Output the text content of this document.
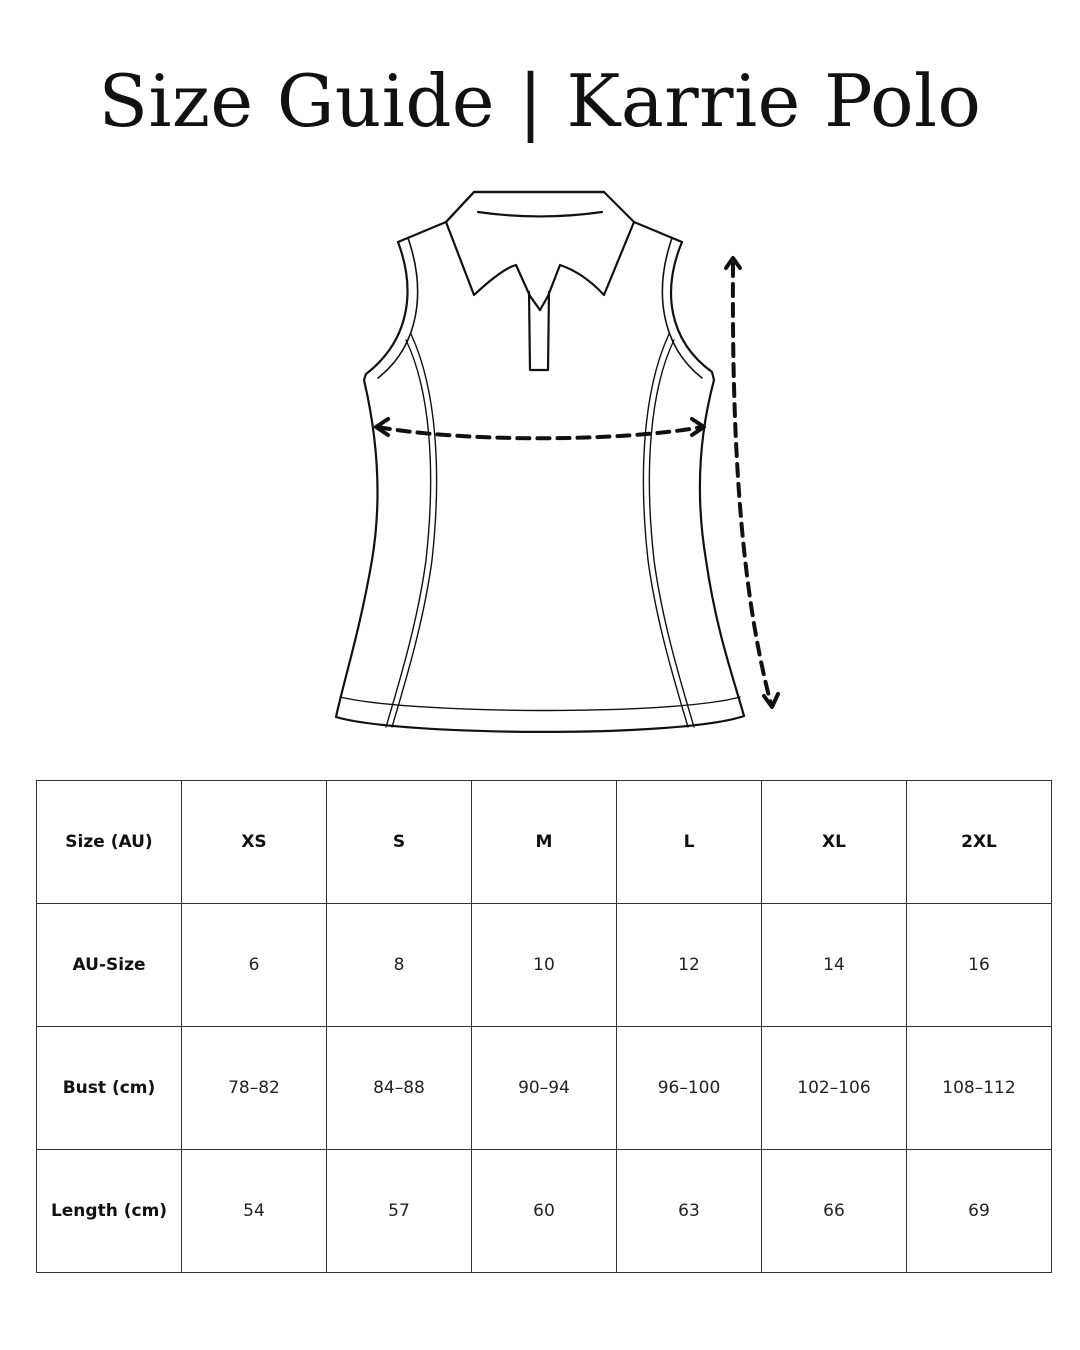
Size Guide | Karrie Polo
Size (AU)	XS	S	M	L	XL	2XL
AU-Size	6	8	10	12	14	16
Bust (cm)	78–82	84–88	90–94	96–100	102–106	108–112
Length (cm)	54	57	60	63	66	69
